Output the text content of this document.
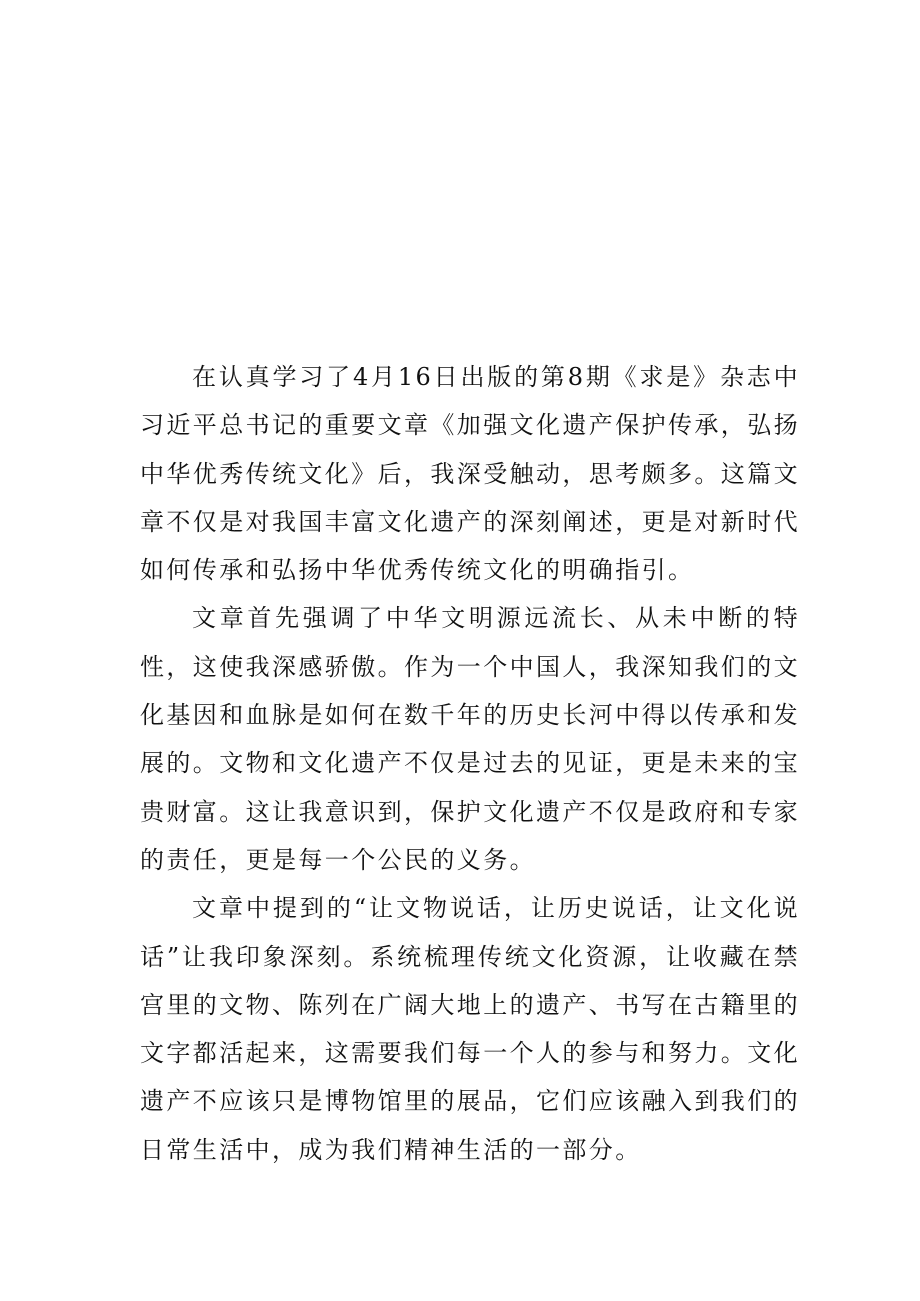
在认真学习了4月16日出版的第8期《求是》杂志中习近平总书记的重要文章《加强文化遗产保护传承，弘扬中华优秀传统文化》后，我深受触动，思考颇多。这篇文章不仅是对我国丰富文化遗产的深刻阐述，更是对新时代如何传承和弘扬中华优秀传统文化的明确指引。

文章首先强调了中华文明源远流长、从未中断的特性，这使我深感骄傲。作为一个中国人，我深知我们的文化基因和血脉是如何在数千年的历史长河中得以传承和发展的。文物和文化遗产不仅是过去的见证，更是未来的宝贵财富。这让我意识到，保护文化遗产不仅是政府和专家的责任，更是每一个公民的义务。

文章中提到的“让文物说话，让历史说话，让文化说话”让我印象深刻。系统梳理传统文化资源，让收藏在禁宫里的文物、陈列在广阔大地上的遗产、书写在古籍里的文字都活起来，这需要我们每一个人的参与和努力。文化遗产不应该只是博物馆里的展品，它们应该融入到我们的日常生活中，成为我们精神生活的一部分。
